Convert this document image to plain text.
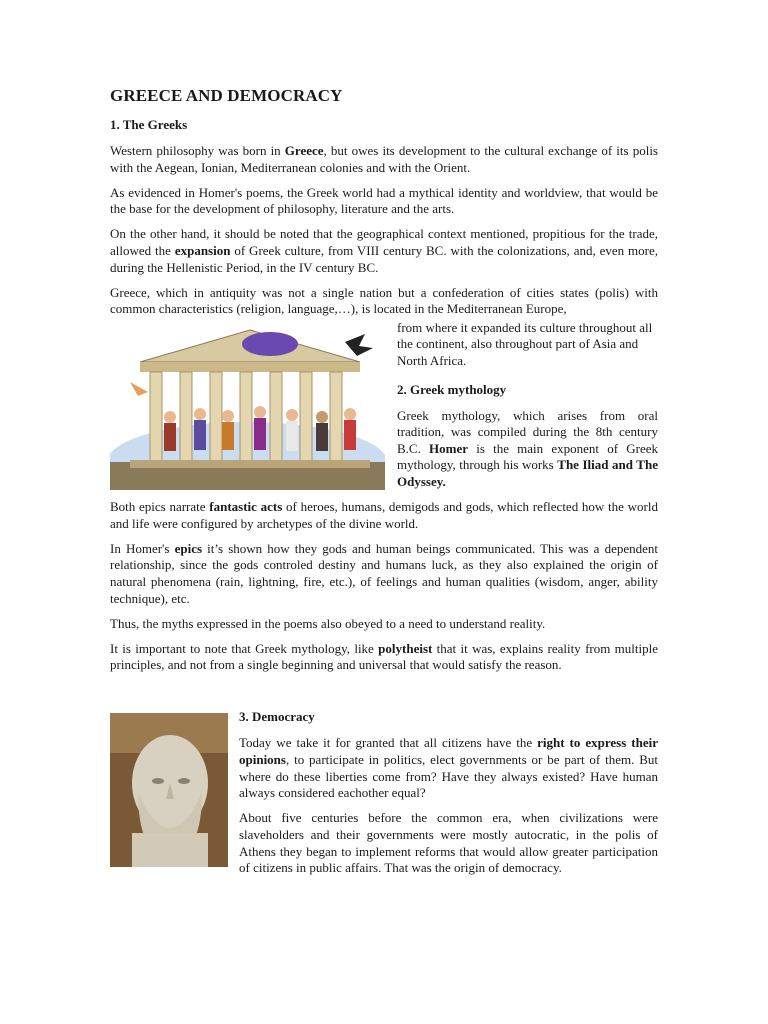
GREECE AND DEMOCRACY
1. The Greeks

Western philosophy was born in Greece, but owes its development to the cultural exchange of its polis with the Aegean, Ionian, Mediterranean colonies and with the Orient.

As evidenced in Homer's poems, the Greek world had a mythical identity and worldview, that would be the base for the development of philosophy, literature and the arts.

On the other hand, it should be noted that the geographical context mentioned, propitious for the trade, allowed the expansion of Greek culture, from VIII century BC. with the colonizations, and, even more, during the Hellenistic Period, in the IV century BC.

Greece, which in antiquity was not a single nation but a confederation of cities states (polis) with common characteristics (religion, language,…), is located in the Mediterranean Europe,

from where it expanded its culture throughout all the continent, also throughout part of Asia and North Africa.

2. Greek mythology

Greek mythology, which arises from oral tradition, was compiled during the 8th century B.C. Homer is the main exponent of Greek mythology, through his works The Iliad and The Odyssey.

Both epics narrate fantastic acts of heroes, humans, demigods and gods, which reflected how the world and life were configured by archetypes of the divine world.

In Homer's epics it’s shown how they gods and human beings communicated. This was a dependent relationship, since the gods controled destiny and humans luck, as they also explained the origin of natural phenomena (rain, lightning, fire, etc.), of feelings and human qualities (wisdom, anger, ability technique), etc.

Thus, the myths expressed in the poems also obeyed to a need to understand reality.

It is important to note that Greek mythology, like polytheist that it was, explains reality from multiple principles, and not from a single beginning and universal that would satisfy the reason.

3. Democracy

Today we take it for granted that all citizens have the right to express their opinions, to participate in politics, elect governments or be part of them. But where do these liberties come from? Have they always existed? Have human always considered eachother equal?

About five centuries before the common era, when civilizations were slaveholders and their governments were mostly autocratic, in the polis of Athens they began to implement reforms that would allow greater participation of citizens in public affairs. That was the origin of democracy.
